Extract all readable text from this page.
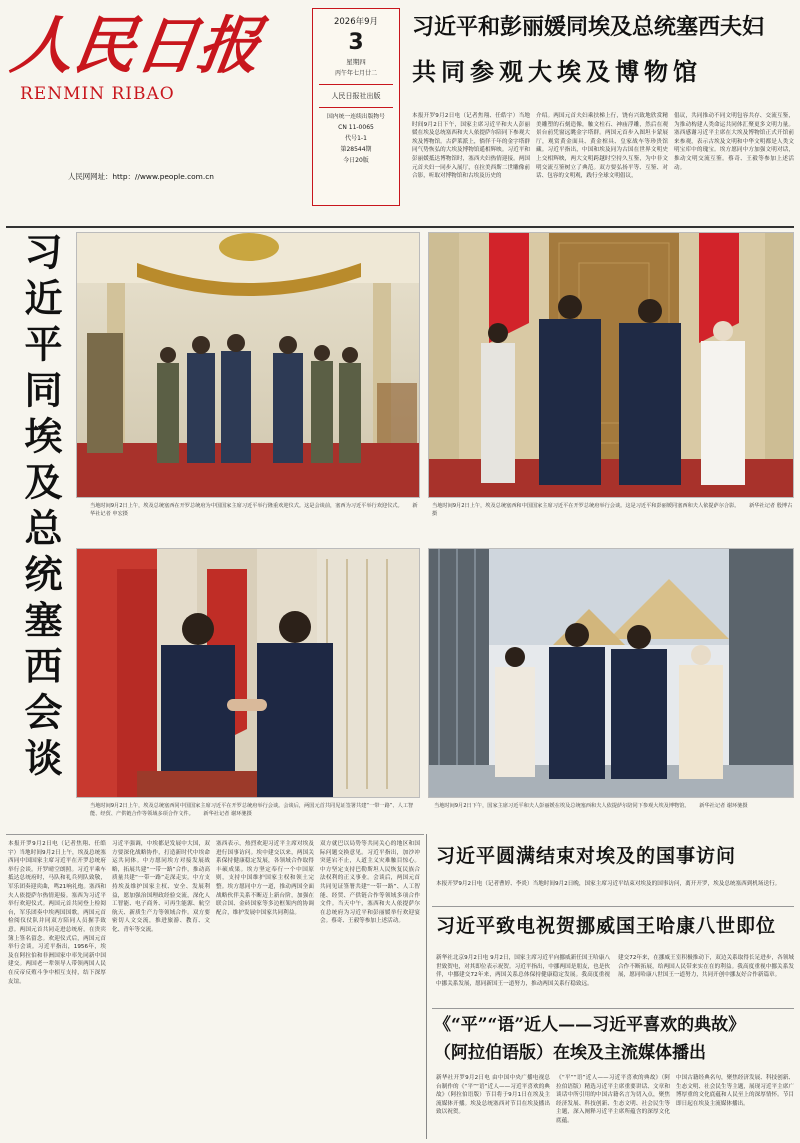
人民日报
RENMIN RIBAO
人民网网址：http：//www.people.com.cn
2026年9月
3
星期四
丙午年七月廿二
人民日报社出版
国内统一连续出版物号
CN 11-0065
代号1-1
第28544期
今日20版
习近平和彭丽媛同埃及总统塞西夫妇
共同参观大埃及博物馆
本报开罗9月2日电（记者焦翔、任皓宇）当地时间9月2日下午，国家主席习近平和夫人彭丽媛在埃及总统塞西和夫人依提萨尔陪同下参观大埃及博物馆。古萨莱派上，徜徉千年的金字塔群同气势恢弘的大埃及博物馆遥相辉映。习近平和彭丽媛抵达博物馆时，塞西夫妇热情迎接。两国元首夫妇一同步入展厅，在拉美西斯二世雕像前合影，听取对博物馆和古埃及历史的
介绍。两国元首夫妇乘扶梯上行，饶有兴致地欣赏精美雕塑的石刻造像，触文柱石、神庙浮雕，然后在观景台前凭窗远眺金字塔群。两国元首步入图坦卡蒙展厅，观赏黄金面具、黄金棺具、皇家战车等珍贵馆藏。习近平指出，中国和埃及同为古国在世界文明史上交相辉映，两大文明跨越时空持久互鉴，为中非文明交流互鉴树立了典范。双方要弘扬平等、互鉴、对话、包容的文明观，践行全球文明倡议，
倡议，共同推动不同文明包容共存、交流互鉴，为推动构建人类命运共同体汇聚更多文明力量。塞西感谢习近平主席在大埃及博物馆正式开馆前来参观，表示古埃及文明和中华文明都是人类文明宝库中的瑰宝。埃方愿同中方加强文明对话，推动文明交流互鉴。蔡奇、王毅等参加上述活动。
习近平同埃及总统塞西会谈	当地时间9月2日上午，埃及总统塞西在开罗总统府为中国国家主席习近平举行隆重欢迎仪式。这是会谈前，塞西为习近平举行欢迎仪式。 新华社记者 申宏摄
当地时间9月2日上午，埃及总统塞西和中国国家主席习近平在开罗总统府举行会谈。这是习近平和彭丽媛同塞西和夫人依提萨尔合影。 新华社记者 殷博古摄
当地时间9月2日上午，埃及总统塞西同中国国家主席习近平在开罗总统府举行会谈。会谈后，两国元首共同见证签署共建“一带一路”、人工智能、经贸、产供链合作等领域多项合作文件。 新华社记者 谢环驰摄
当地时间9月2日下午，国家主席习近平和夫人彭丽媛在埃及总统塞西和夫人依提萨尔陪同下参观大埃及博物馆。 新华社记者 谢环驰摄
本报开罗9月2日电（记者焦翔、任皓宇）当地时间9月2日上午，埃及总统塞西同中国国家主席习近平在开罗总统府举行会谈。开罗晴空朗照。习近平乘车抵达总统府时，马队和礼兵列队致敬，军乐团奏迎宾曲，鸣21响礼炮。塞西和夫人依提萨尔热情迎接。塞西为习近平举行欢迎仪式。两国元首共同登上检阅台，军乐团奏中埃两国国歌。两国元首检阅仪仗队并同双方陪同人员握手致意。两国元首共同走进总统府，在贵宾簿上签名留念。欢迎仪式后，两国元首举行会谈。习近平指出，1956年，埃及在阿拉伯和非洲国家中率先同新中国建交。两国老一辈领导人带领两国人民在反帝反殖斗争中相互支持，结下深厚友谊。
习近平强调，中埃都是发展中大国，双方要深化战略协作，打造新时代中埃命运共同体。中方愿同埃方对接发展战略，拓展共建“一带一路”合作，推动高质量共建“一带一路”走深走实。中方支持埃及维护国家主权、安全、发展利益，愿加强治国理政经验交流，深化人工智能、电子商务、可再生能源、航空航天、新质生产力等领域合作。双方要密切人文交流，推进旅游、教育、文化、青年等交流。
塞西表示，热烈欢迎习近平主席对埃及进行国事访问。埃中建交以来，两国关系保持健康稳定发展，各领域合作取得丰硕成果。埃方坚定奉行一个中国原则，支持中国维护国家主权和领土完整。埃方愿同中方一道，推动两国全面战略伙伴关系不断迈上新台阶，加强在联合国、金砖国家等多边框架内的协调配合，维护发展中国家共同利益。
双方就巴以局势等共同关心的地区和国际问题交换意见。习近平指出，加沙冲突延宕不止，人道主义灾难触目惊心。中方坚定支持巴勒斯坦人民恢复民族合法权利的正义事业。会谈后，两国元首共同见证签署共建“一带一路”、人工智能、经贸、产供链合作等领域多项合作文件。当天中午，塞西和夫人依提萨尔在总统府为习近平和彭丽媛举行欢迎宴会。蔡奇、王毅等参加上述活动。
习近平圆满结束对埃及的国事访问
本报开罗9月2日电（记者曹婷、李炎）当地时间9月2日晚，国家主席习近平结束对埃及的国事访问，离开开罗，埃及总统塞西到机场送行。
习近平致电祝贺挪威国王哈康八世即位
新华社北京9月2日电 9月2日，国家主席习近平向挪威新任国王哈康八世致贺电，对其即位表示祝贺。习近平指出，中挪两国是朋友，也是伙伴，中挪建交72年来，两国关系总体保持健康稳定发展。我高度重视中挪关系发展，愿同新国王一道努力，推动两国关系行稳致远。
建交72年来，在挪威王室积极推动下，双边关系取得长足进步，各领域合作不断拓展，给两国人民带来实在在的利益。我高度重视中挪关系发展，愿同哈康八世国王一道努力，共同开创中挪友好合作新篇章。
《“平”“语”近人——习近平喜欢的典故》
（阿拉伯语版）在埃及主流媒体播出
新华社开罗9月2日电 由中国中央广播电视总台制作的《“平”“语”近人——习近平喜欢的典故》（阿拉伯语版）节目将于9月1日在埃及主流媒体开播。埃及总统塞西对节目在埃及播出致以祝贺。
《“平”“语”近人——习近平喜欢的典故》（阿拉伯语版）精选习近平主席重要讲话、文章和谈话中所引用的中国古籍名言为切入点，聚焦经济发展、科技创新、生态文明、社会民生等主题，深入阐释习近平主席所蕴含的深厚文化底蕴。
中国古籍经典名句，聚焦经济发展、科技创新、生态文明、社会民生等主题，展现习近平主席广博厚重的文化底蕴和人民至上的深厚情怀。节目即日起在埃及主流媒体播出。
